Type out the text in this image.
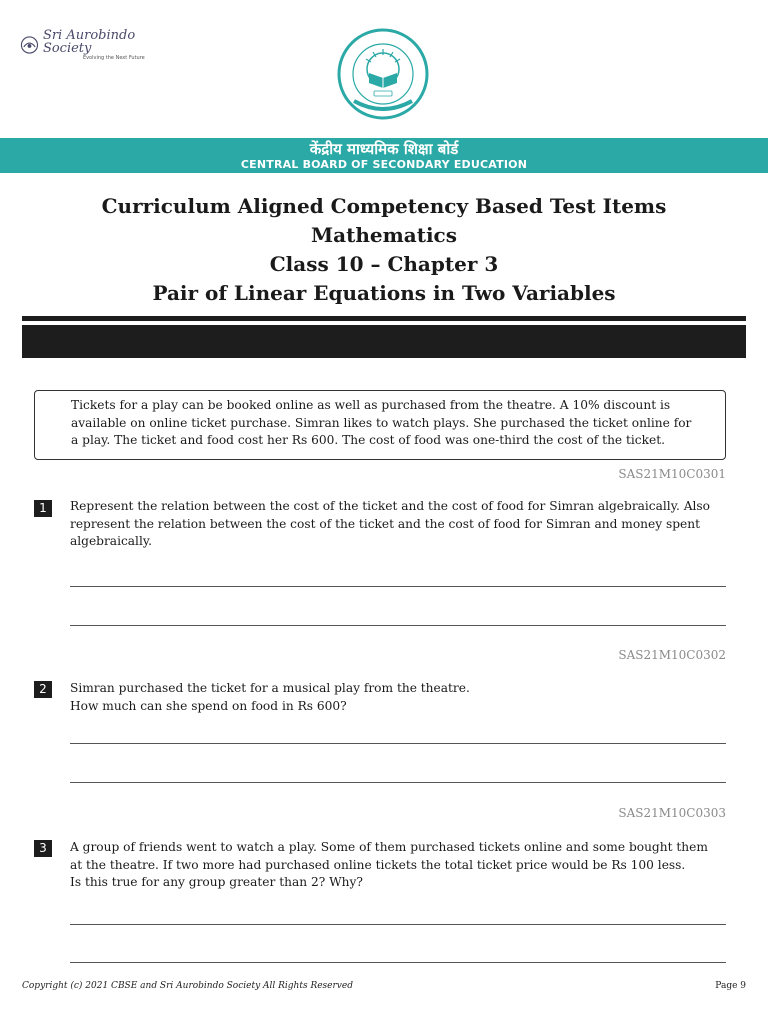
Sri Aurobindo Society
Evolving the Next Future
केंद्रीय माध्यमिक शिक्षा बोर्ड
CENTRAL BOARD OF SECONDARY EDUCATION
Curriculum Aligned Competency Based Test Items
Mathematics
Class 10 – Chapter 3
Pair of Linear Equations in Two Variables
Tickets for a play can be booked online as well as purchased from the theatre. A 10% discount is
available on online ticket purchase. Simran likes to watch plays. She purchased the ticket online for
a play. The ticket and food cost her Rs 600. The cost of food was one-third the cost of the ticket.
SAS21M10C0301
1	Represent the relation between the cost of the ticket and the cost of food for Simran algebraically. Also
represent the relation between the cost of the ticket and the cost of food for Simran and money spent
algebraically.
SAS21M10C0302
2	Simran purchased the ticket for a musical play from the theatre.
How much can she spend on food in Rs 600?
SAS21M10C0303
3	A group of friends went to watch a play. Some of them purchased tickets online and some bought them
at the theatre. If two more had purchased online tickets the total ticket price would be Rs 100 less.
Is this true for any group greater than 2? Why?
Copyright (c) 2021 CBSE and Sri Aurobindo Society All Rights Reserved	Page 9
